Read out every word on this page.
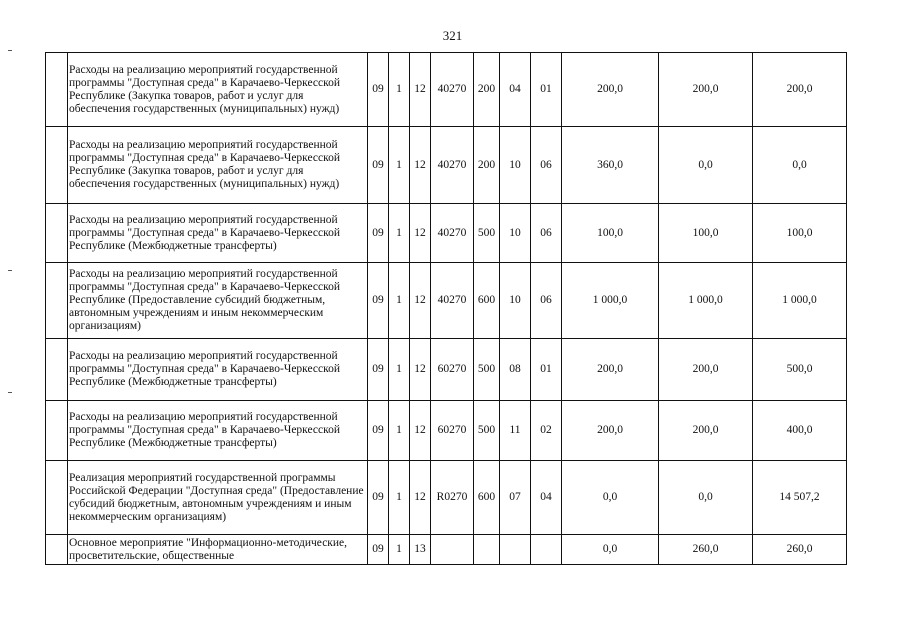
321
	Расходы на реализацию мероприятий государственной программы "Доступная среда" в Карачаево-Черкесской Республике (Закупка товаров, работ и услуг для обеспечения государственных (муниципальных) нужд)	09	1	12	40270	200	04	01	200,0	200,0	200,0
	Расходы на реализацию мероприятий государственной программы "Доступная среда" в Карачаево-Черкесской Республике (Закупка товаров, работ и услуг для обеспечения государственных (муниципальных) нужд)	09	1	12	40270	200	10	06	360,0	0,0	0,0
	Расходы на реализацию мероприятий государственной программы "Доступная среда" в Карачаево-Черкесской Республике (Межбюджетные трансферты)	09	1	12	40270	500	10	06	100,0	100,0	100,0
	Расходы на реализацию мероприятий государственной программы "Доступная среда" в Карачаево-Черкесской Республике (Предоставление субсидий бюджетным, автономным учреждениям и иным некоммерческим организациям)	09	1	12	40270	600	10	06	1 000,0	1 000,0	1 000,0
	Расходы на реализацию мероприятий государственной программы "Доступная среда" в Карачаево-Черкесской Республике (Межбюджетные трансферты)	09	1	12	60270	500	08	01	200,0	200,0	500,0
	Расходы на реализацию мероприятий государственной программы "Доступная среда" в Карачаево-Черкесской Республике (Межбюджетные трансферты)	09	1	12	60270	500	11	02	200,0	200,0	400,0
	Реализация мероприятий государственной программы Российской Федерации "Доступная среда" (Предоставление субсидий бюджетным, автономным учреждениям и иным некоммерческим организациям)	09	1	12	R0270	600	07	04	0,0	0,0	14 507,2
	Основное мероприятие "Информационно-методические, просветительские, общественные	09	1	13					0,0	260,0	260,0
